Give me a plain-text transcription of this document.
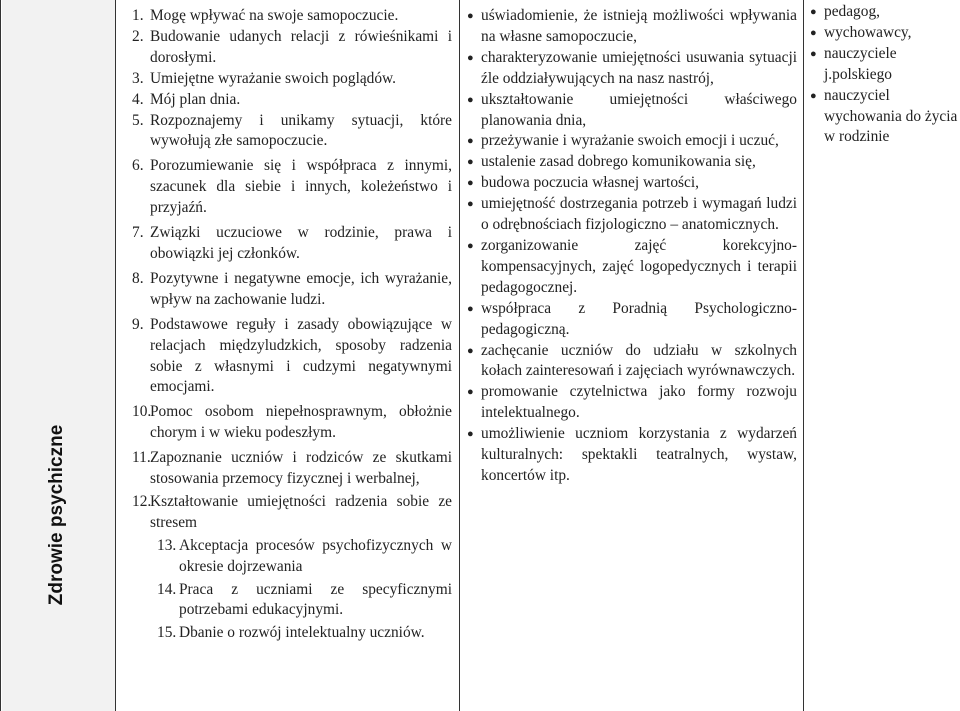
Zdrowie psychiczne
1. Mogę wpływać na swoje samopoczucie.
2. Budowanie udanych relacji z rówieśnikami i dorosłymi.
3. Umiejętne wyrażanie swoich poglądów.
4. Mój plan dnia.
5. Rozpoznajemy i unikamy sytuacji, które wywołują złe samopoczucie.
6. Porozumiewanie się i współpraca z innymi, szacunek dla siebie i innych, koleżeństwo i przyjaźń.
7. Związki uczuciowe w rodzinie, prawa i obowiązki jej członków.
8. Pozytywne i negatywne emocje, ich wyrażanie, wpływ na zachowanie ludzi.
9. Podstawowe reguły i zasady obowiązujące w relacjach międzyludzkich, sposoby radzenia sobie z własnymi i cudzymi negatywnymi emocjami.
10.
Pomoc osobom niepełnosprawnym, obłożnie chorym i w wieku podeszłym.
11. Zapoznanie uczniów i rodziców ze skutkami stosowania przemocy fizycznej i werbalnej,
12.
Kształtowanie umiejętności radzenia sobie ze stresem
13. Akceptacja procesów psychofizycznych w okresie dojrzewania
14. Praca z uczniami ze specyficznymi potrzebami edukacyjnymi.
15. Dbanie o rozwój intelektualny uczniów.
● uświadomienie, że istnieją możliwości wpływania na własne samopoczucie,
● charakteryzowanie umiejętności usuwania sytuacji źle oddziaływujących na nasz nastrój,
● ukształtowanie umiejętności właściwego planowania dnia,
● przeżywanie i wyrażanie swoich emocji i uczuć,
● ustalenie zasad dobrego komunikowania się,
● budowa poczucia własnej wartości,
● umiejętność dostrzegania potrzeb i wymagań ludzi o odrębnościach fizjologiczno – anatomicznych.
● zorganizowanie zajęć korekcyjno- kompensacyjnych, zajęć logopedycznych i terapii pedagogocznej.
● współpraca z Poradnią Psychologiczno-pedagogiczną.
● zachęcanie uczniów do udziału w szkolnych kołach zainteresowań i zajęciach wyrównawczych.
● promowanie czytelnictwa jako formy rozwoju intelektualnego.
● umożliwienie uczniom korzystania z wydarzeń kulturalnych: spektakli teatralnych, wystaw, koncertów itp.
● pedagog,
● wychowawcy,
● nauczyciele j.polskiego
● nauczyciel wychowania do życia w rodzinie
